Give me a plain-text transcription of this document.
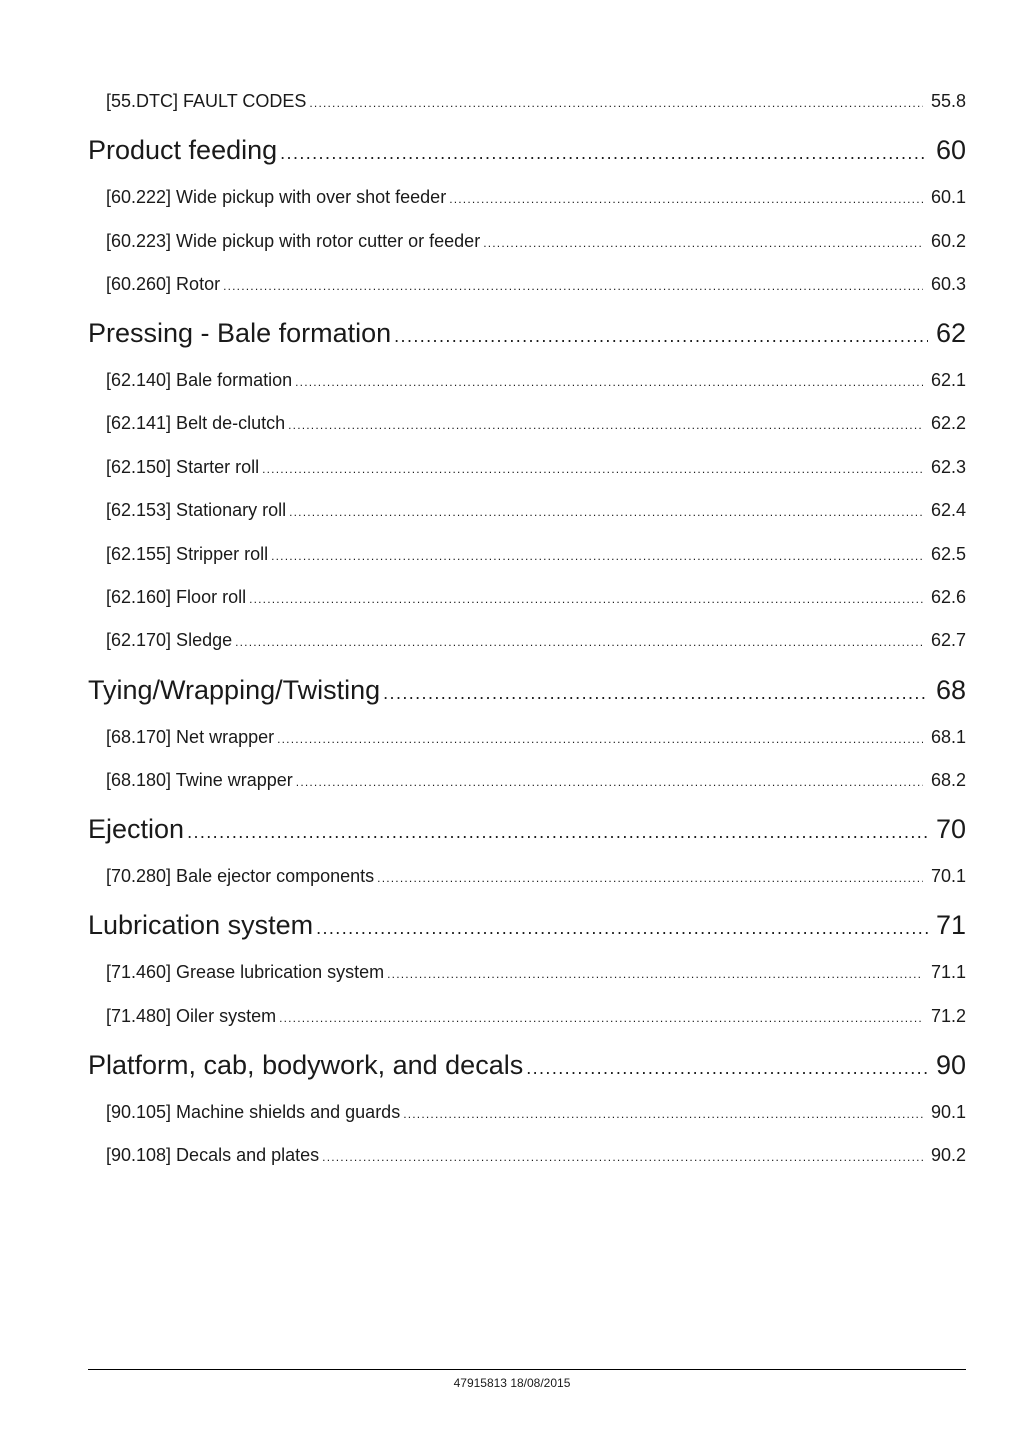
[55.DTC] FAULT CODES .....	55.8
Product feeding .....	60
[60.222] Wide pickup with over shot feeder .....	60.1
[60.223] Wide pickup with rotor cutter or feeder .....	60.2
[60.260] Rotor .....	60.3
Pressing - Bale formation .....	62
[62.140] Bale formation .....	62.1
[62.141] Belt de-clutch .....	62.2
[62.150] Starter roll .....	62.3
[62.153] Stationary roll .....	62.4
[62.155] Stripper roll .....	62.5
[62.160] Floor roll .....	62.6
[62.170] Sledge .....	62.7
Tying/Wrapping/Twisting .....	68
[68.170] Net wrapper .....	68.1
[68.180] Twine wrapper .....	68.2
Ejection .....	70
[70.280] Bale ejector components .....	70.1
Lubrication system .....	71
[71.460] Grease lubrication system .....	71.1
[71.480] Oiler system .....	71.2
Platform, cab, bodywork, and decals .....	90
[90.105] Machine shields and guards .....	90.1
[90.108] Decals and plates .....	90.2
47915813 18/08/2015
